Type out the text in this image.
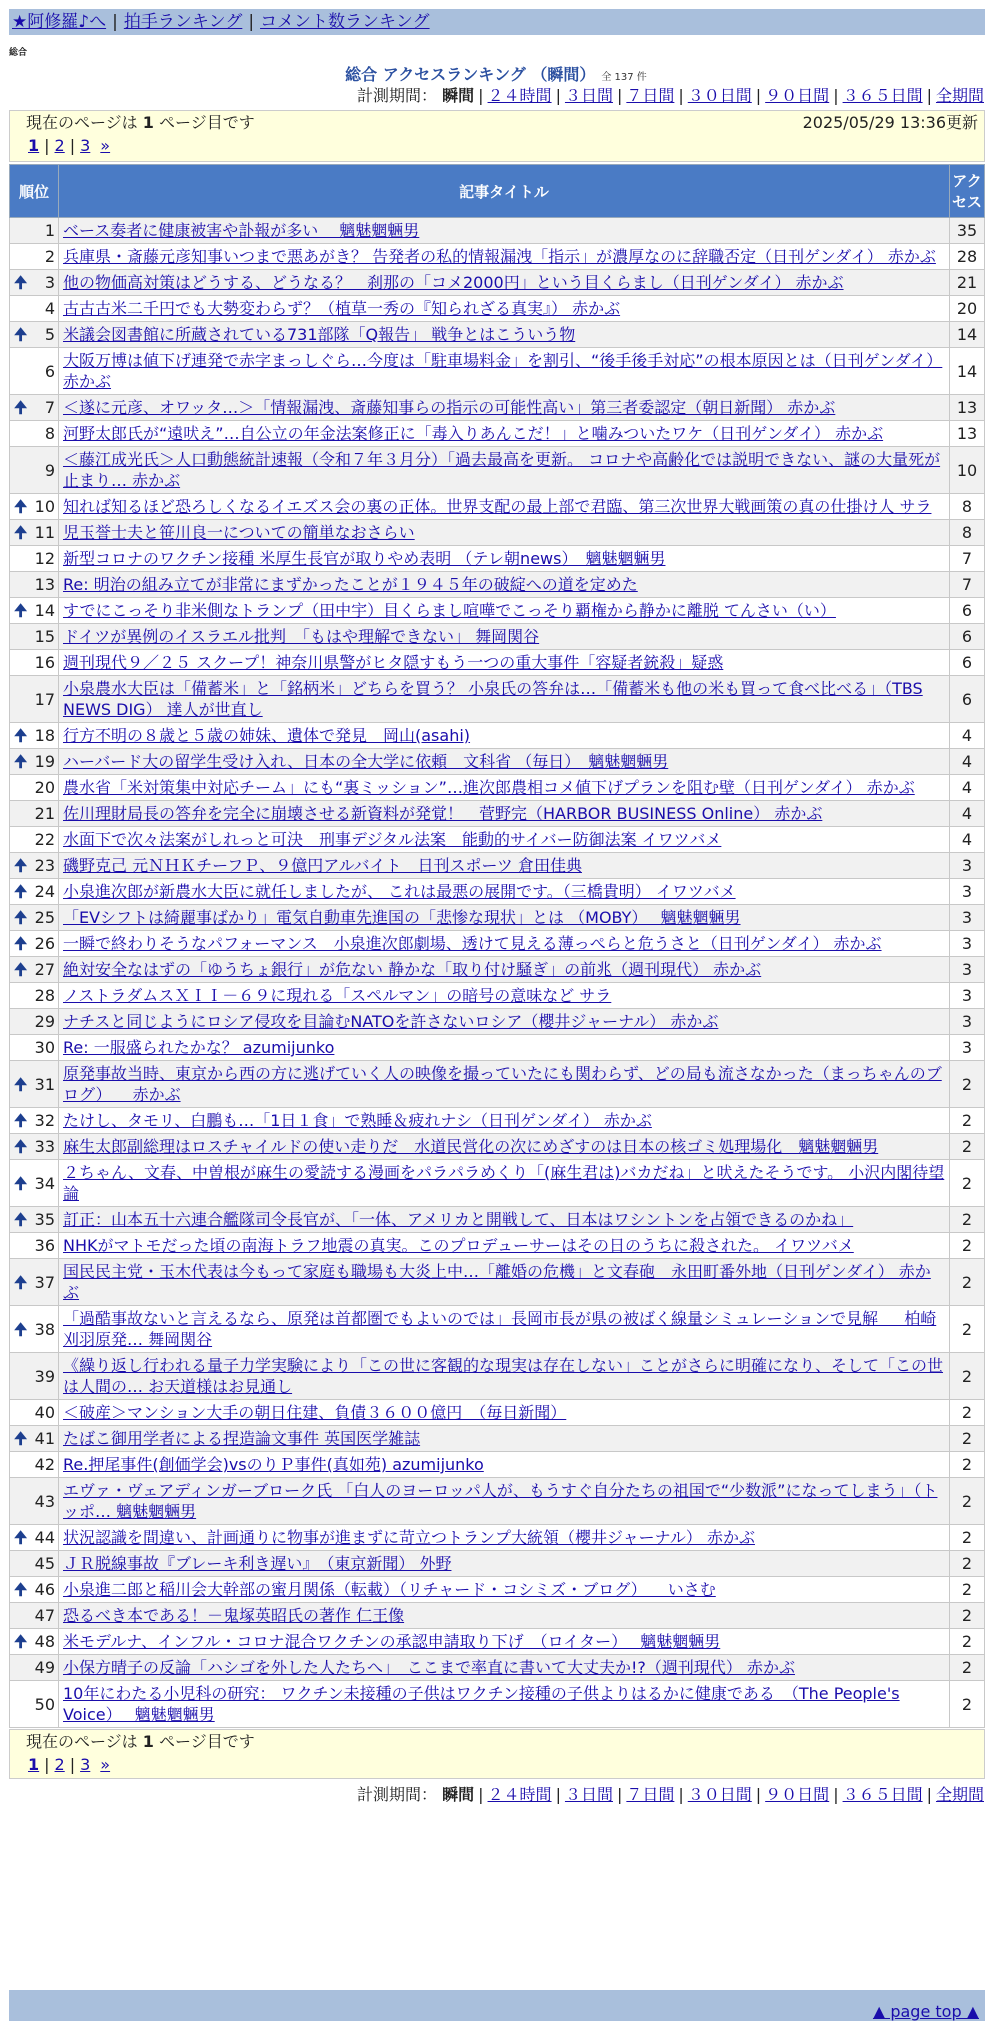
★阿修羅♪へ | 拍手ランキング | コメント数ランキング
総合
総合 アクセスランキング （瞬間） 全 137 件
計測期間： 瞬間 | ２４時間 | ３日間 | ７日間 | ３０日間 | ９０日間 | ３６５日間 | 全期間
現在のページは 1 ページ目です	2025/05/29 13:36更新
1 | 2 | 3 »
順位	記事タイトル	アクセス
1	ベース奏者に健康被害や訃報が多い　 魑魅魍魎男	35
2	兵庫県・斎藤元彦知事いつまで悪あがき？ 告発者の私的情報漏洩「指示」が濃厚なのに辞職否定（日刊ゲンダイ） 赤かぶ	28

🠉 3	他の物価高対策はどうする、どうなる？　刹那の「コメ2000円」という目くらまし（日刊ゲンダイ） 赤かぶ	21
4	古古古米二千円でも大勢変わらず？（植草一秀の『知られざる真実』） 赤かぶ	20

🠉 5	米議会図書館に所蔵されている731部隊「Q報告」 戦争とはこういう物	14
6	大阪万博は値下げ連発で赤字まっしぐら…今度は「駐車場料金」を割引、“後手後手対応”の根本原因とは（日刊ゲンダイ） 赤かぶ	14

🠉 7	＜遂に元彦、オワッタ…＞「情報漏洩、斎藤知事らの指示の可能性高い」第三者委認定（朝日新聞） 赤かぶ	13
8	河野太郎氏が“遠吠え”…自公立の年金法案修正に「毒入りあんこだ！」と噛みついたワケ（日刊ゲンダイ） 赤かぶ	13
9	＜藤江成光氏＞人口動態統計速報（令和７年３月分）「過去最高を更新。 コロナや高齢化では説明できない、謎の大量死が止まり… 赤かぶ	10

🠉 10	知れば知るほど恐ろしくなるイエズス会の裏の正体。世界支配の最上部で君臨、第三次世界大戦画策の真の仕掛け人 サラ	8

🠉 11	児玉誉士夫と笹川良一についての簡単なおさらい	8
12	新型コロナのワクチン接種 米厚生長官が取りやめ表明 （テレ朝news）　魑魅魍魎男	7
13	Re: 明治の組み立てが非常にまずかったことが１９４５年の破綻への道を定めた	7

🠉 14	すでにこっそり非米側なトランプ（田中宇）目くらまし喧嘩でこっそり覇権から静かに離脱 てんさい（い）	6
15	ドイツが異例のイスラエル批判　「もはや理解できない」 舞岡関谷	6
16	週刊現代９／２５ スクープ！神奈川県警がヒタ隠すもう一つの重大事件「容疑者銃殺」疑惑	6
17	小泉農水大臣は「備蓄米」と「銘柄米」どちらを買う？ 小泉氏の答弁は…「備蓄米も他の米も買って食べ比べる」（TBS NEWS DIG） 達人が世直し	6

🠉 18	行方不明の８歳と５歳の姉妹、遺体で発見　岡山(asahi)	4

🠉 19	ハーバード大の留学生受け入れ、日本の全大学に依頼　文科省 （毎日）　魑魅魍魎男	4
20	農水省「米対策集中対応チーム」にも“裏ミッション”…進次郎農相コメ値下げプランを阻む壁（日刊ゲンダイ） 赤かぶ	4
21	佐川理財局長の答弁を完全に崩壊させる新資料が発覚！　菅野完（HARBOR BUSINESS Online） 赤かぶ	4
22	水面下で次々法案がしれっと可決　刑事デジタル法案　能動的サイバー防御法案 イワツバメ	4

🠉 23	磯野克己 元ＮＨＫチーフＰ、９億円アルバイト　日刊スポーツ 倉田佳典	3

🠉 24	小泉進次郎が新農水大臣に就任しましたが、 これは最悪の展開です。（三橋貴明） イワツバメ	3

🠉 25	「EVシフトは綺麗事ばかり」電気自動車先進国の「悲惨な現状」とは （MOBY）　 魑魅魍魎男	3

🠉 26	一瞬で終わりそうなパフォーマンス　小泉進次郎劇場、透けて見える薄っぺらと危うさと（日刊ゲンダイ） 赤かぶ	3

🠉 27	絶対安全なはずの「ゆうちょ銀行」が危ない 静かな「取り付け騒ぎ」の前兆（週刊現代） 赤かぶ	3
28	ノストラダムスＸＩＩ－６９に現れる「スペルマン」の暗号の意味など サラ	3
29	ナチスと同じようにロシア侵攻を目論むNATOを許さないロシア（櫻井ジャーナル） 赤かぶ	3
30	Re: 一服盛られたかな？ azumijunko	3

🠉 31	原発事故当時、東京から西の方に逃げていく人の映像を撮っていたにも関わらず、どの局も流さなかった（まっちゃんのブログ） 　赤かぶ	2

🠉 32	たけし、タモリ、白鵬も…「1日１食」で熟睡＆疲れナシ（日刊ゲンダイ） 赤かぶ	2

🠉 33	麻生太郎副総理はロスチャイルドの使い走りだ　水道民営化の次にめざすのは日本の核ゴミ処理場化　魑魅魍魎男	2

🠉 34	２ちゃん、文春、中曽根が麻生の愛読する漫画をパラパラめくり「(麻生君は)バカだね」と吠えたそうです。 小沢内閣待望論	2

🠉 35	訂正：山本五十六連合艦隊司令長官が、「一体、アメリカと開戦して、日本はワシントンを占領できるのかね」	2
36	NHKがマトモだった頃の南海トラフ地震の真実。このプロデューサーはその日のうちに殺された。 イワツバメ	2

🠉 37	国民民主党・玉木代表は今もって家庭も職場も大炎上中…「離婚の危機」と文春砲　永田町番外地（日刊ゲンダイ） 赤かぶ	2

🠉 38	「過酷事故ないと言えるなら、原発は首都圏でもよいのでは」長岡市長が県の被ばく線量シミュレーションで見解 　 柏崎刈羽原発… 舞岡関谷	2
39	《繰り返し行われる量子力学実験により「この世に客観的な現実は存在しない」ことがさらに明確になり、そして「この世は人間の… お天道様はお見通し	2
40	＜破産＞マンション大手の朝日住建、負債３６００億円　（毎日新聞）	2

🠉 41	たばこ御用学者による捏造論文事件 英国医学雑誌	2
42	Re.押尾事件(創価学会)vsのりＰ事件(真如苑) azumijunko	2
43	エヴァ・ヴェアディンガーブローク氏 「白人のヨーロッパ人が、もうすぐ自分たちの祖国で“少数派”になってしまう」（トッポ… 魑魅魍魎男	2

🠉 44	状況認識を間違い、計画通りに物事が進まずに苛立つトランプ大統領（櫻井ジャーナル） 赤かぶ	2
45	ＪＲ脱線事故『ブレーキ利き遅い』　（東京新聞） 外野	2

🠉 46	小泉進二郎と稲川会大幹部の蜜月関係（転載）（リチャード・コシミズ・ブログ） 　いさむ	2
47	恐るべき本である！－鬼塚英昭氏の著作 仁王像	2

🠉 48	米モデルナ、インフル・コロナ混合ワクチンの承認申請取り下げ　（ロイター）　 魑魅魍魎男	2
49	小保方晴子の反論「ハシゴを外した人たちへ」　ここまで率直に書いて大丈夫か!?（週刊現代） 赤かぶ	2
50	10年にわたる小児科の研究： ワクチン未接種の子供はワクチン接種の子供よりはるかに健康である　（The People's Voice）　 魑魅魍魎男	2
現在のページは 1 ページ目です
1 | 2 | 3 »
計測期間： 瞬間 | ２４時間 | ３日間 | ７日間 | ３０日間 | ９０日間 | ３６５日間 | 全期間
▲ page top ▲
